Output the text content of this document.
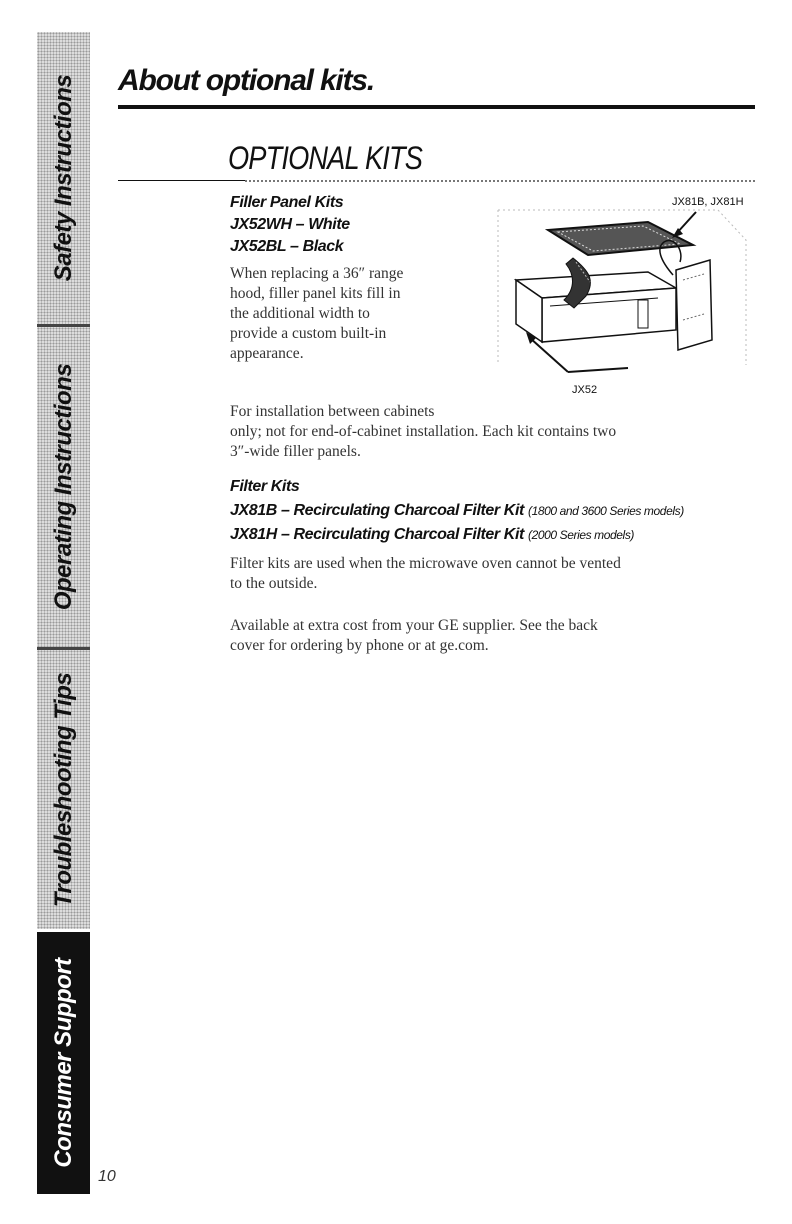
Safety Instructions
Operating Instructions
Troubleshooting Tips
Consumer Support
About optional kits.
OPTIONAL KITS
Filler Panel Kits
JX52WH – White
JX52BL – Black
When replacing a 36″ range
hood, filler panel kits fill in
the additional width to
provide a custom built-in
appearance.
For installation between cabinets
only; not for end-of-cabinet installation. Each kit contains two
3″-wide filler panels.
JX81B, JX81H
JX52
Filter Kits
JX81B – Recirculating Charcoal Filter Kit (1800 and 3600 Series models)
JX81H – Recirculating Charcoal Filter Kit (2000 Series models)
Filter kits are used when the microwave oven cannot be vented
to the outside.
Available at extra cost from your GE supplier. See the back
cover for ordering by phone or at ge.com.
10
